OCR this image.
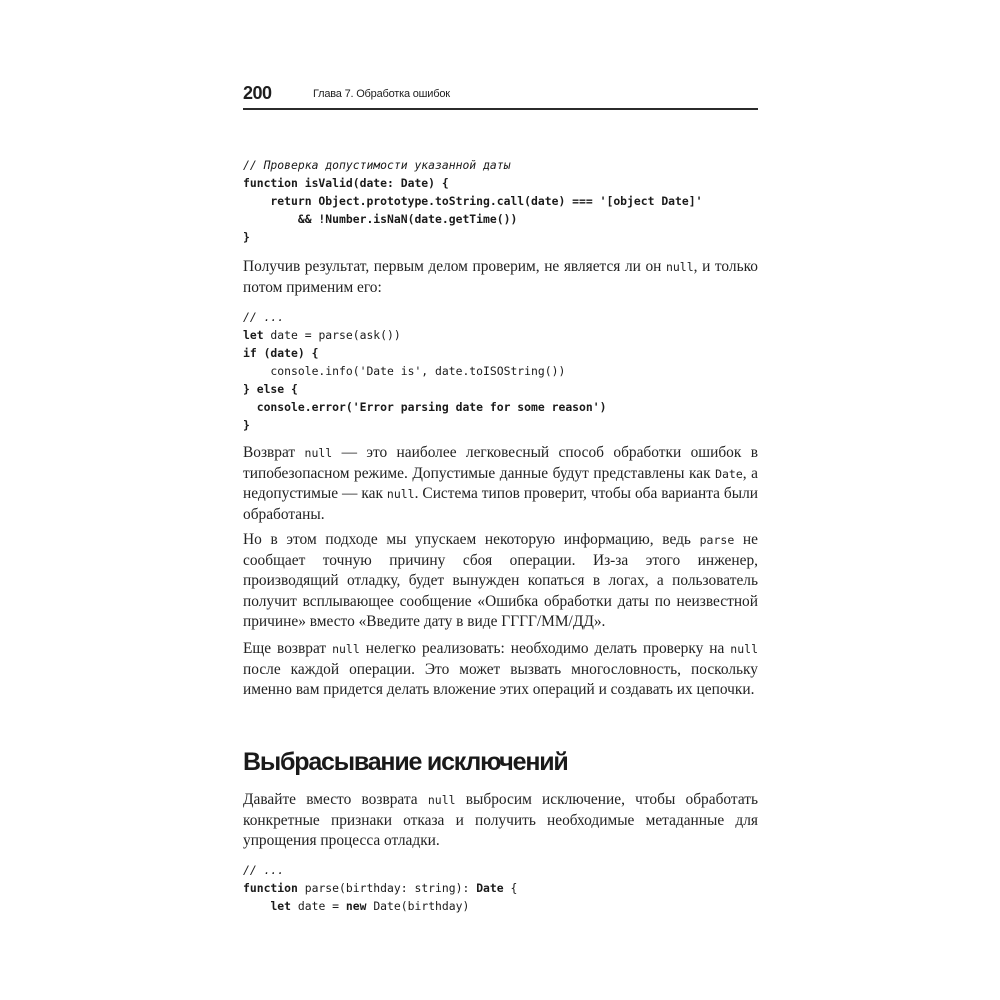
200	Глава 7. Обработка ошибок
// Проверка допустимости указанной даты
function isValid(date: Date) {
return Object.prototype.toString.call(date) === '[object Date]'
&& !Number.isNaN(date.getTime())
}

Получив результат, первым делом проверим, не является ли он null, и только потом применим его:

// ...
let date = parse(ask())
if (date) {
console.info('Date is', date.toISOString())
} else {
console.error('Error parsing date for some reason')
}

Возврат null — это наиболее легковесный способ обработки ошибок в типобезопасном режиме. Допустимые данные будут представлены как Date, а недопустимые — как null. Система типов проверит, чтобы оба варианта были обработаны.

Но в этом подходе мы упускаем некоторую информацию, ведь parse не сообщает точную причину сбоя операции. Из-за этого инженер, производящий отладку, будет вынужден копаться в логах, а пользователь получит всплывающее сообщение «Ошибка обработки даты по неизвестной причине» вместо «Введите дату в виде ГГГГ/ММ/ДД».

Еще возврат null нелегко реализовать: необходимо делать проверку на null после каждой операции. Это может вызвать многословность, поскольку именно вам придется делать вложение этих операций и создавать их цепочки.

Выбрасывание исключений

Давайте вместо возврата null выбросим исключение, чтобы обработать конкретные признаки отказа и получить необходимые метаданные для упрощения процесса отладки.

// ...
function parse(birthday: string): Date {
let date = new Date(birthday)
